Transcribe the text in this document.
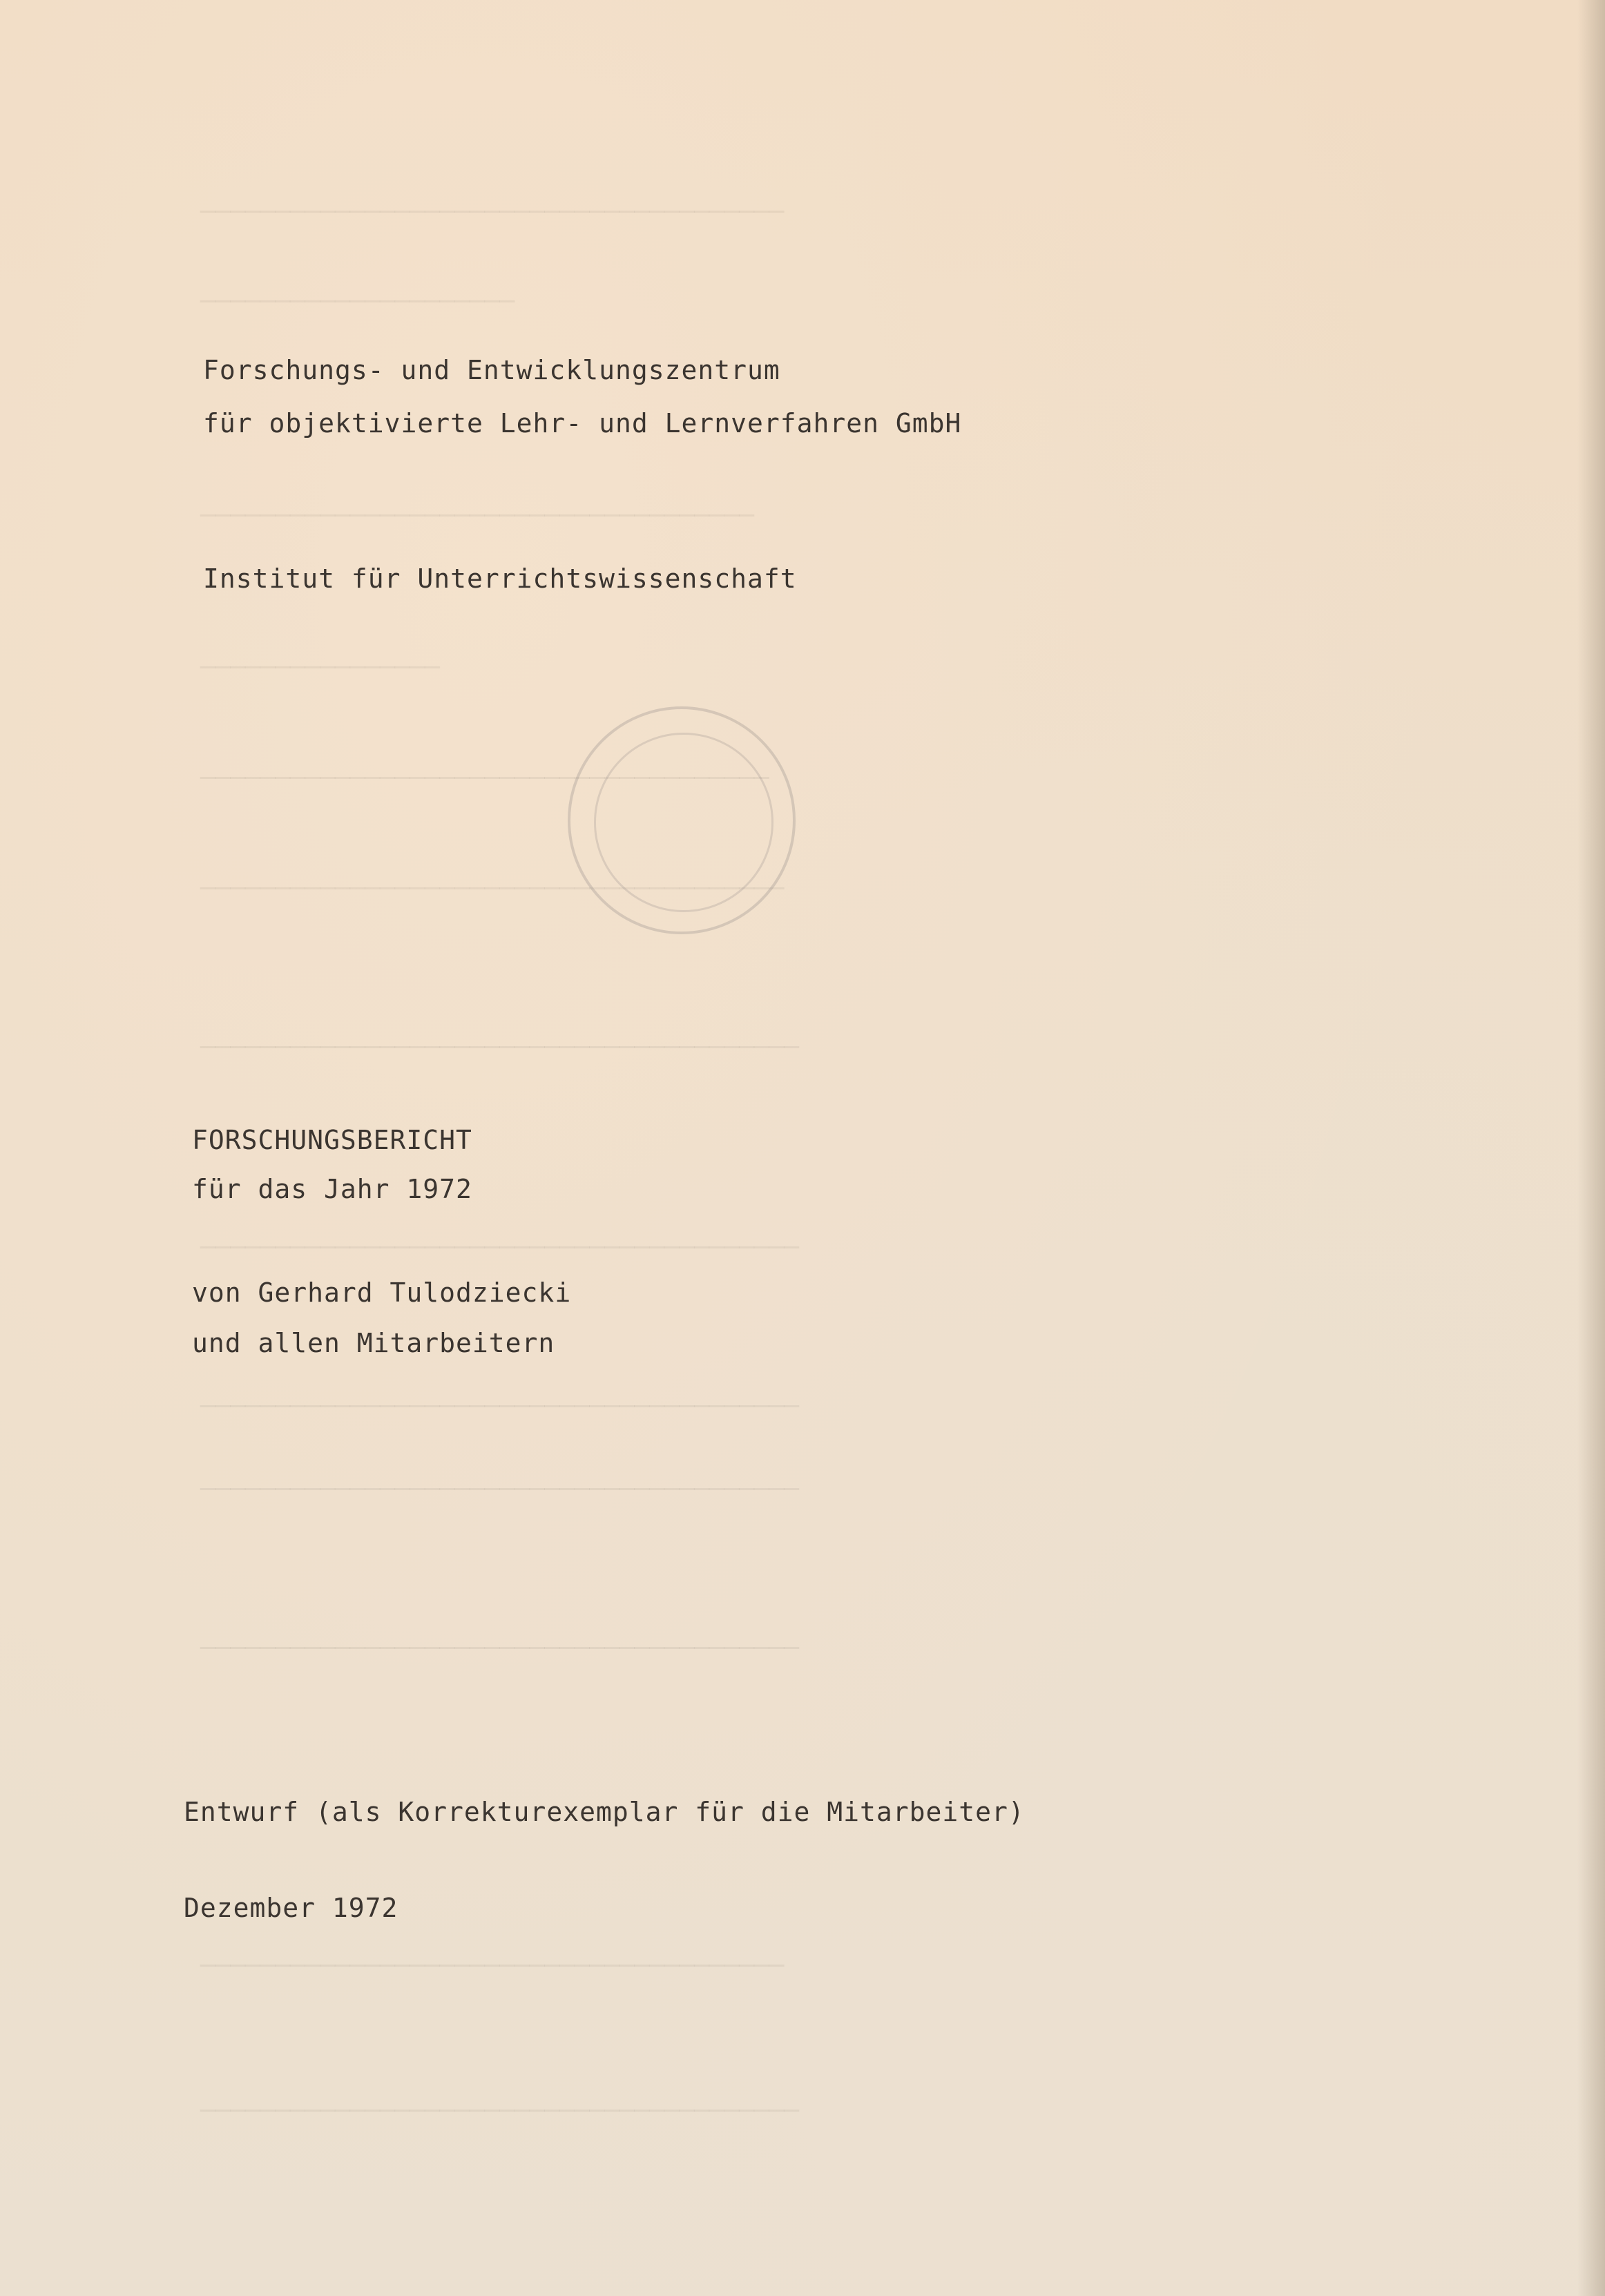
───────────────────────────────────────
─────────────────────
─────────────────────────────────────
────────────────
──────────────────────────────────────
───────────────────────────────────────
────────────────────────────────────────
────────────────────────────────────────
────────────────────────────────────────
────────────────────────────────────────
────────────────────────────────────────
───────────────────────────────────────
────────────────────────────────────────
Forschungs- und Entwicklungszentrum
für objektivierte Lehr- und Lernverfahren GmbH
Institut für Unterrichtswissenschaft
FORSCHUNGSBERICHT
für das Jahr 1972
von Gerhard Tulodziecki
und allen Mitarbeitern
Entwurf (als Korrekturexemplar für die Mitarbeiter)
Dezember 1972
